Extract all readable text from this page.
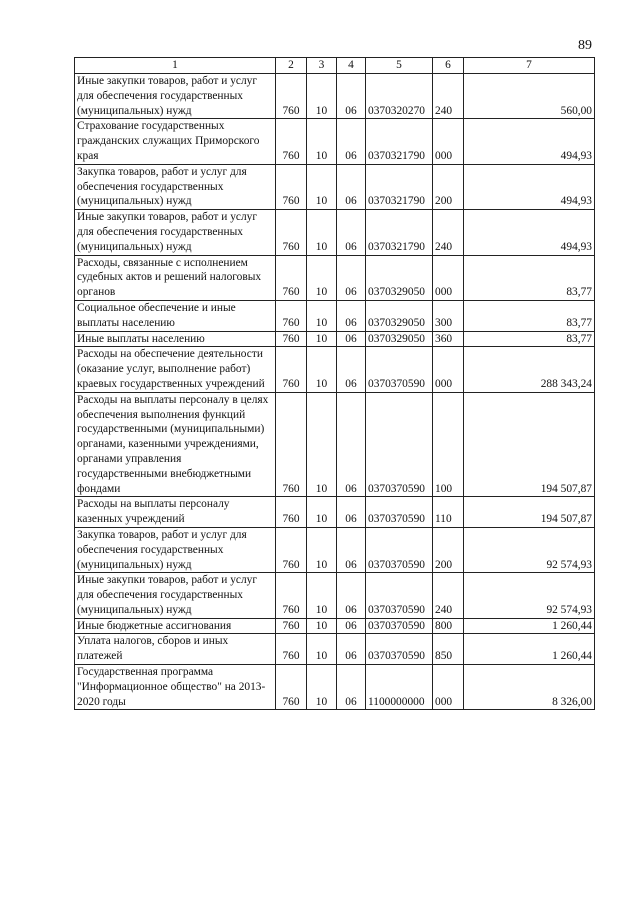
89
1	2	3	4	5	6	7
Иные закупки товаров, работ и услуг для обеспечения государственных (муниципальных) нужд	760	10	06	0370320270	240	560,00
Страхование государственных гражданских служащих Приморского края	760	10	06	0370321790	000	494,93
Закупка товаров, работ и услуг для обеспечения государственных (муниципальных) нужд	760	10	06	0370321790	200	494,93
Иные закупки товаров, работ и услуг для обеспечения государственных (муниципальных) нужд	760	10	06	0370321790	240	494,93
Расходы, связанные с исполнением судебных актов и решений налоговых органов	760	10	06	0370329050	000	83,77
Социальное обеспечение и иные выплаты населению	760	10	06	0370329050	300	83,77
Иные выплаты населению	760	10	06	0370329050	360	83,77
Расходы на обеспечение деятельности (оказание услуг, выполнение работ) краевых государственных учреждений	760	10	06	0370370590	000	288 343,24
Расходы на выплаты персоналу в целях обеспечения выполнения функций государственными (муниципальными) органами, казенными учреждениями, органами управления государственными внебюджетными фондами	760	10	06	0370370590	100	194 507,87
Расходы на выплаты персоналу казенных учреждений	760	10	06	0370370590	110	194 507,87
Закупка товаров, работ и услуг для обеспечения государственных (муниципальных) нужд	760	10	06	0370370590	200	92 574,93
Иные закупки товаров, работ и услуг для обеспечения государственных (муниципальных) нужд	760	10	06	0370370590	240	92 574,93
Иные бюджетные ассигнования	760	10	06	0370370590	800	1 260,44
Уплата налогов, сборов и иных платежей	760	10	06	0370370590	850	1 260,44
Государственная программа "Информационное общество" на 2013-2020 годы	760	10	06	1100000000	000	8 326,00
